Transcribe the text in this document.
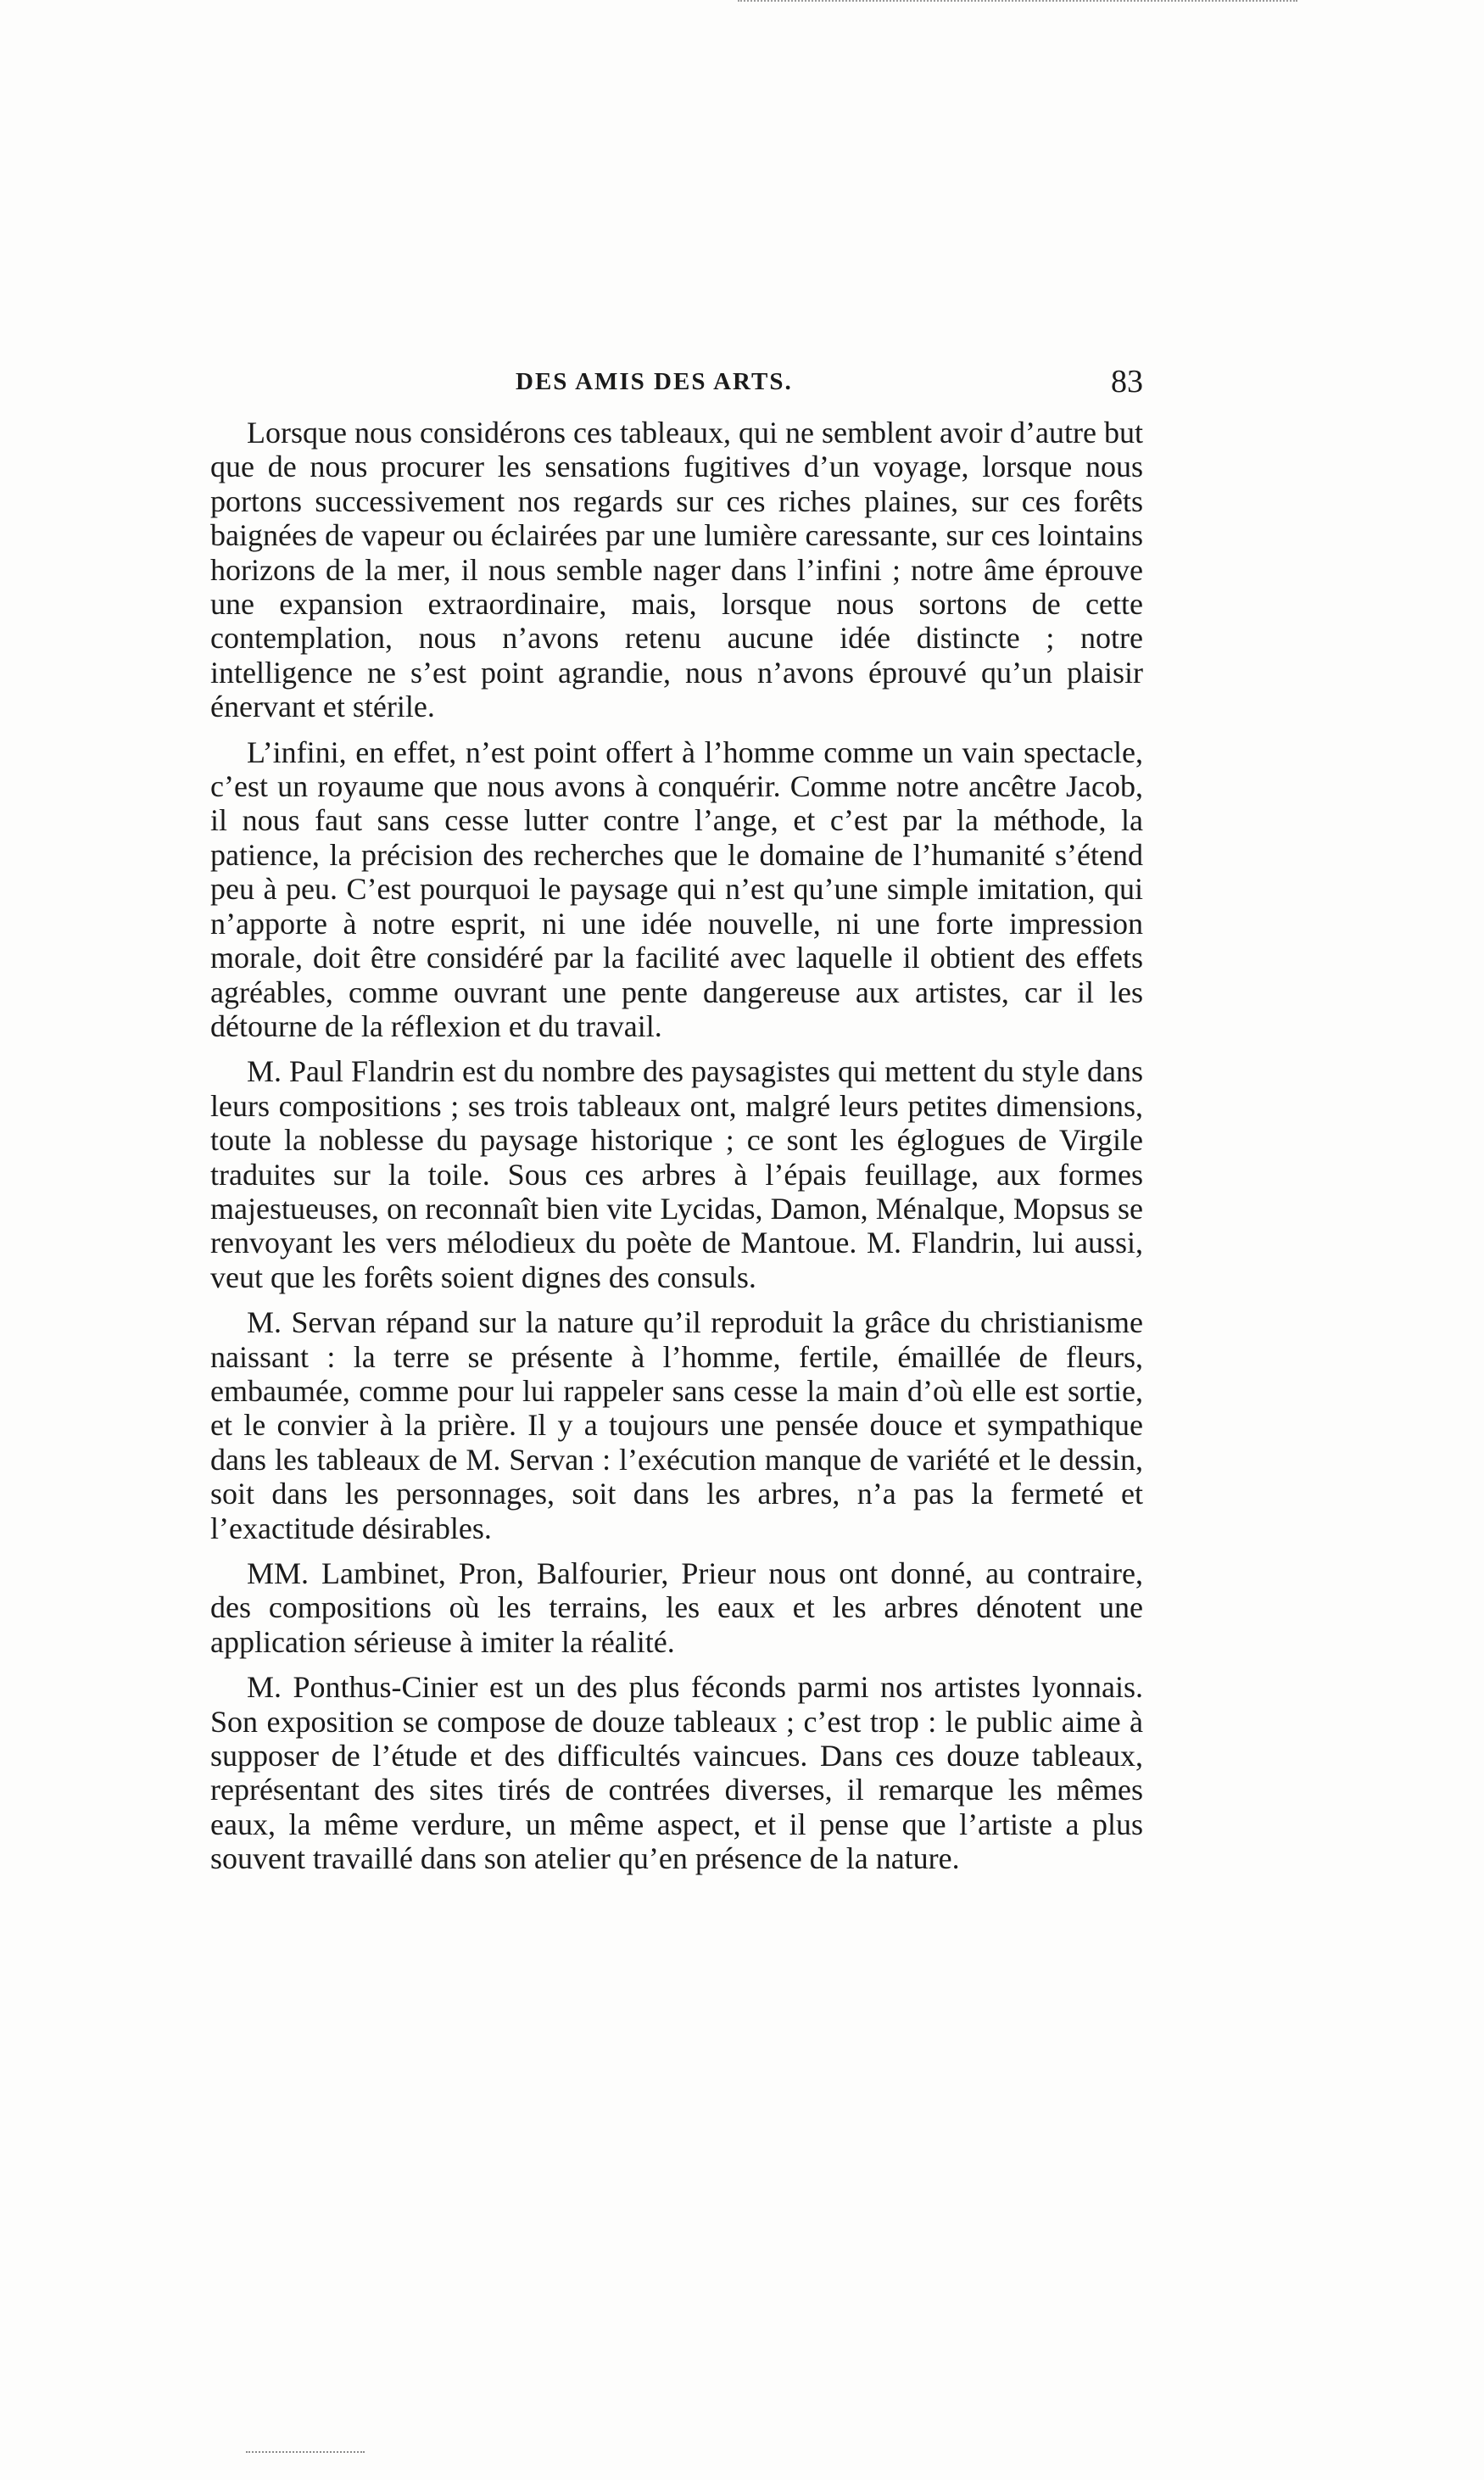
DES AMIS DES ARTS.	83

Lorsque nous considérons ces tableaux, qui ne semblent avoir d’autre but que de nous procurer les sensations fugitives d’un voyage, lorsque nous portons successivement nos regards sur ces riches plaines, sur ces forêts baignées de vapeur ou éclairées par une lumière caressante, sur ces lointains horizons de la mer, il nous semble nager dans l’infini ; notre âme éprouve une expansion extraordinaire, mais, lorsque nous sortons de cette contemplation, nous n’avons retenu aucune idée distincte ; notre intelligence ne s’est point agrandie, nous n’avons éprouvé qu’un plaisir énervant et stérile.

L’infini, en effet, n’est point offert à l’homme comme un vain spectacle, c’est un royaume que nous avons à conquérir. Comme notre ancêtre Jacob, il nous faut sans cesse lutter contre l’ange, et c’est par la méthode, la patience, la précision des recherches que le domaine de l’humanité s’étend peu à peu. C’est pourquoi le paysage qui n’est qu’une simple imitation, qui n’apporte à notre esprit, ni une idée nouvelle, ni une forte impression morale, doit être considéré par la facilité avec laquelle il obtient des effets agréables, comme ouvrant une pente dangereuse aux artistes, car il les détourne de la réflexion et du travail.

M. Paul Flandrin est du nombre des paysagistes qui mettent du style dans leurs compositions ; ses trois tableaux ont, malgré leurs petites dimensions, toute la noblesse du paysage historique ; ce sont les églogues de Virgile traduites sur la toile. Sous ces arbres à l’épais feuillage, aux formes majestueuses, on reconnaît bien vite Lycidas, Damon, Ménalque, Mopsus se renvoyant les vers mélodieux du poète de Mantoue. M. Flandrin, lui aussi, veut que les forêts soient dignes des consuls.

M. Servan répand sur la nature qu’il reproduit la grâce du christianisme naissant : la terre se présente à l’homme, fertile, émaillée de fleurs, embaumée, comme pour lui rappeler sans cesse la main d’où elle est sortie, et le convier à la prière. Il y a toujours une pensée douce et sympathique dans les tableaux de M. Servan : l’exécution manque de variété et le dessin, soit dans les personnages, soit dans les arbres, n’a pas la fermeté et l’exactitude désirables.

MM. Lambinet, Pron, Balfourier, Prieur nous ont donné, au contraire, des compositions où les terrains, les eaux et les arbres dénotent une application sérieuse à imiter la réalité.

M. Ponthus-Cinier est un des plus féconds parmi nos artistes lyonnais. Son exposition se compose de douze tableaux ; c’est trop : le public aime à supposer de l’étude et des difficultés vaincues. Dans ces douze tableaux, représentant des sites tirés de contrées diverses, il remarque les mêmes eaux, la même verdure, un même aspect, et il pense que l’artiste a plus souvent travaillé dans son atelier qu’en présence de la nature.
